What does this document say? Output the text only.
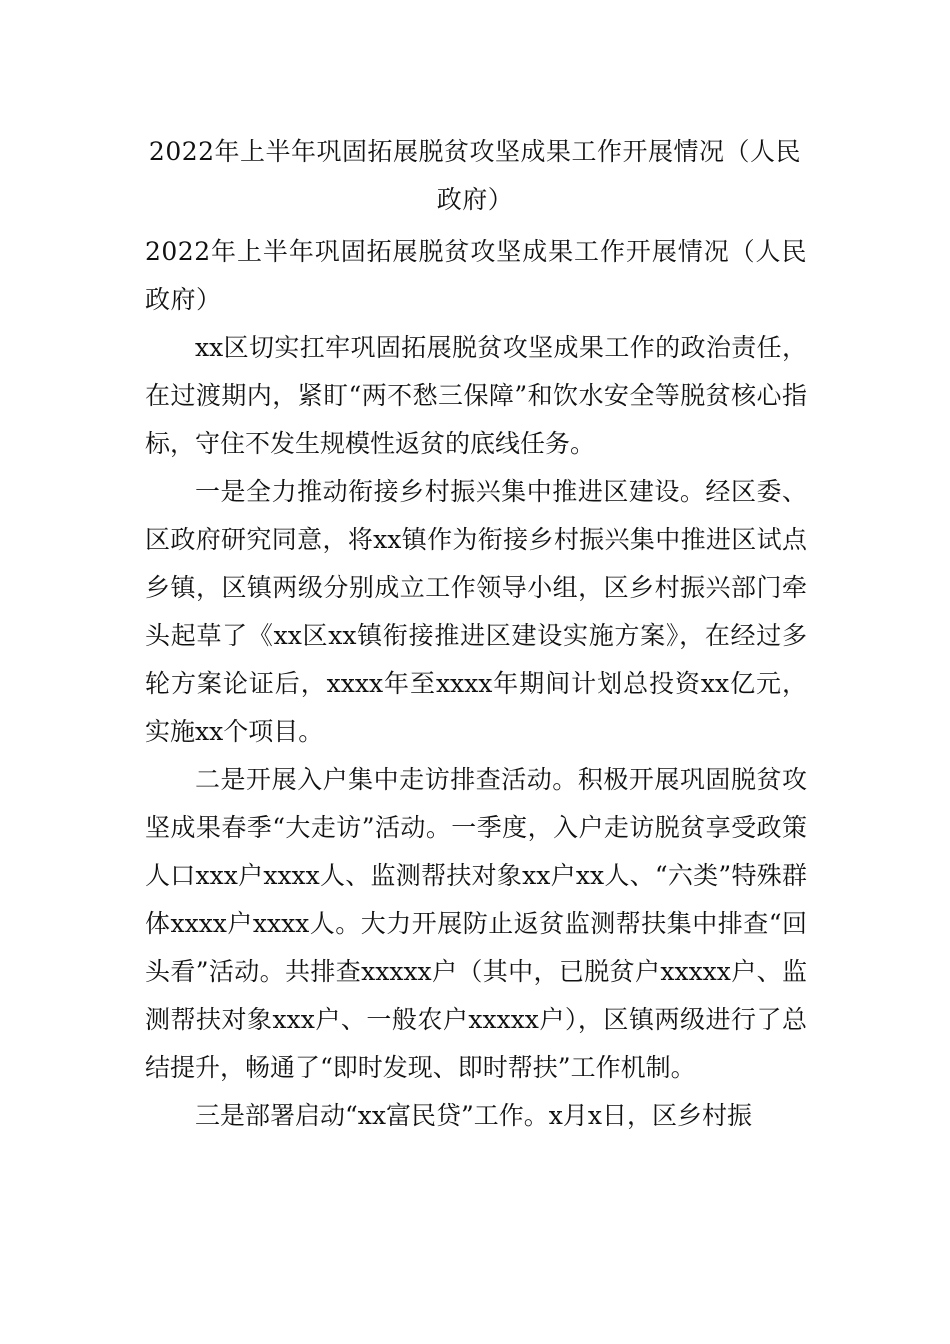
2022年上半年巩固拓展脱贫攻坚成果工作开展情况（人民政府）

2022年上半年巩固拓展脱贫攻坚成果工作开展情况（人民政府）

xx区切实扛牢巩固拓展脱贫攻坚成果工作的政治责任，在过渡期内，紧盯“两不愁三保障”和饮水安全等脱贫核心指标，守住不发生规模性返贫的底线任务。

一是全力推动衔接乡村振兴集中推进区建设。经区委、区政府研究同意，将xx镇作为衔接乡村振兴集中推进区试点乡镇，区镇两级分别成立工作领导小组，区乡村振兴部门牵头起草了《xx区xx镇衔接推进区建设实施方案》，在经过多轮方案论证后，xxxx年至xxxx年期间计划总投资xx亿元，实施xx个项目。

二是开展入户集中走访排查活动。积极开展巩固脱贫攻坚成果春季“大走访”活动。一季度，入户走访脱贫享受政策人口xxx户xxxx人、监测帮扶对象xx户xx人、“六类”特殊群体xxxx户xxxx人。大力开展防止返贫监测帮扶集中排查“回头看”活动。共排查xxxxx户（其中，已脱贫户xxxxx户、监测帮扶对象xxx户、一般农户xxxxx户），区镇两级进行了总结提升，畅通了“即时发现、即时帮扶”工作机制。

三是部署启动“xx富民贷”工作。x月x日，区乡村振
